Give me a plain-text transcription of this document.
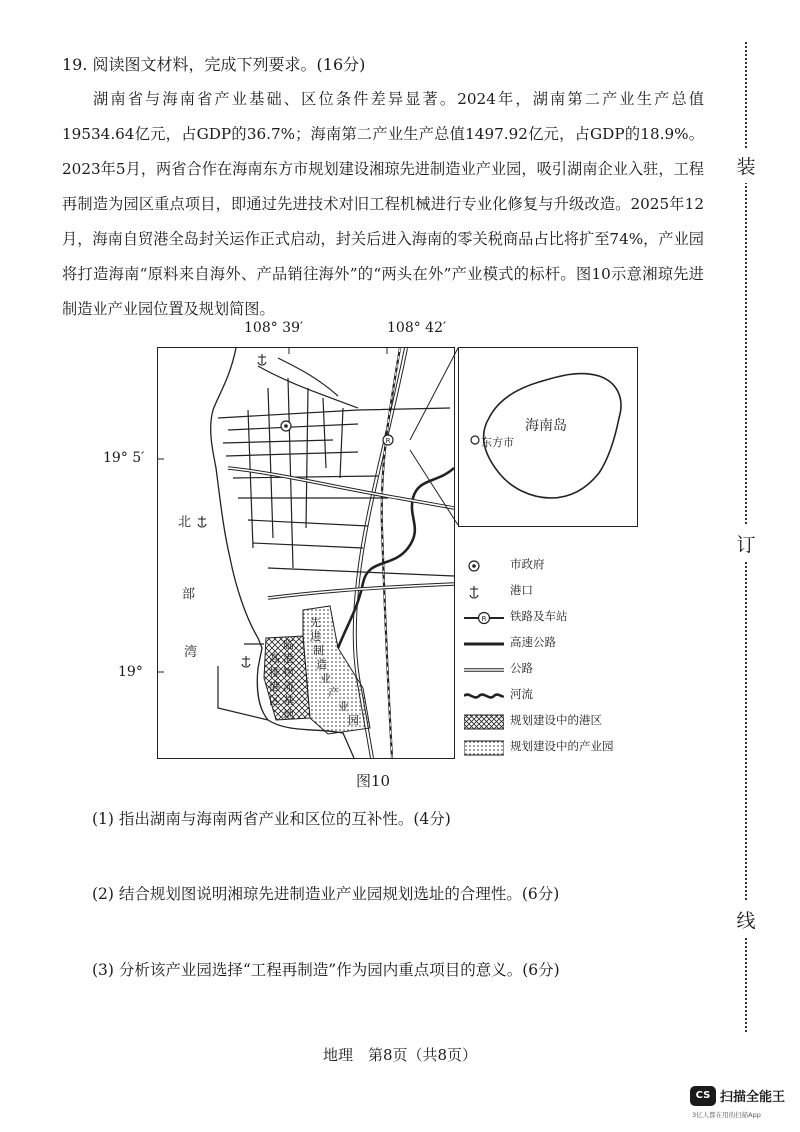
19. 阅读图文材料，完成下列要求。(16分)
湖南省与海南省产业基础、区位条件差异显著。2024年，湖南第二产业生产总值19534.64亿元，占GDP的36.7%；海南第二产业生产总值1497.92亿元，占GDP的18.9%。2023年5月，两省合作在海南东方市规划建设湘琼先进制造业产业园，吸引湖南企业入驻，工程再制造为园区重点项目，即通过先进技术对旧工程机械进行专业化修复与升级改造。2025年12月，海南自贸港全岛封关运作正式启动，封关后进入海南的零关税商品占比将扩至74%，产业园将打造海南“原料来自海外、产品销往海外”的“两头在外”产业模式的标杆。图10示意湘琼先进制造业产业园位置及规划简图。
装
订
线
108° 39′	108° 42′
19° 5′
19°
R
北
部
湾
临
港
物
流
基
地
高
排
港
区
先
进
制
造
业
产
业
园
海南岛
东方市
市政府
港口
R 铁路及车站
高速公路
公路
河流
规划建设中的港区
规划建设中的产业园
图10
(1) 指出湖南与海南两省产业和区位的互补性。(4分)
(2) 结合规划图说明湘琼先进制造业产业园规划选址的合理性。(6分)
(3) 分析该产业园选择“工程再制造”作为园内重点项目的意义。(6分)
地理　第8页（共8页）
CS 扫描全能王
3亿人都在用的扫描App
